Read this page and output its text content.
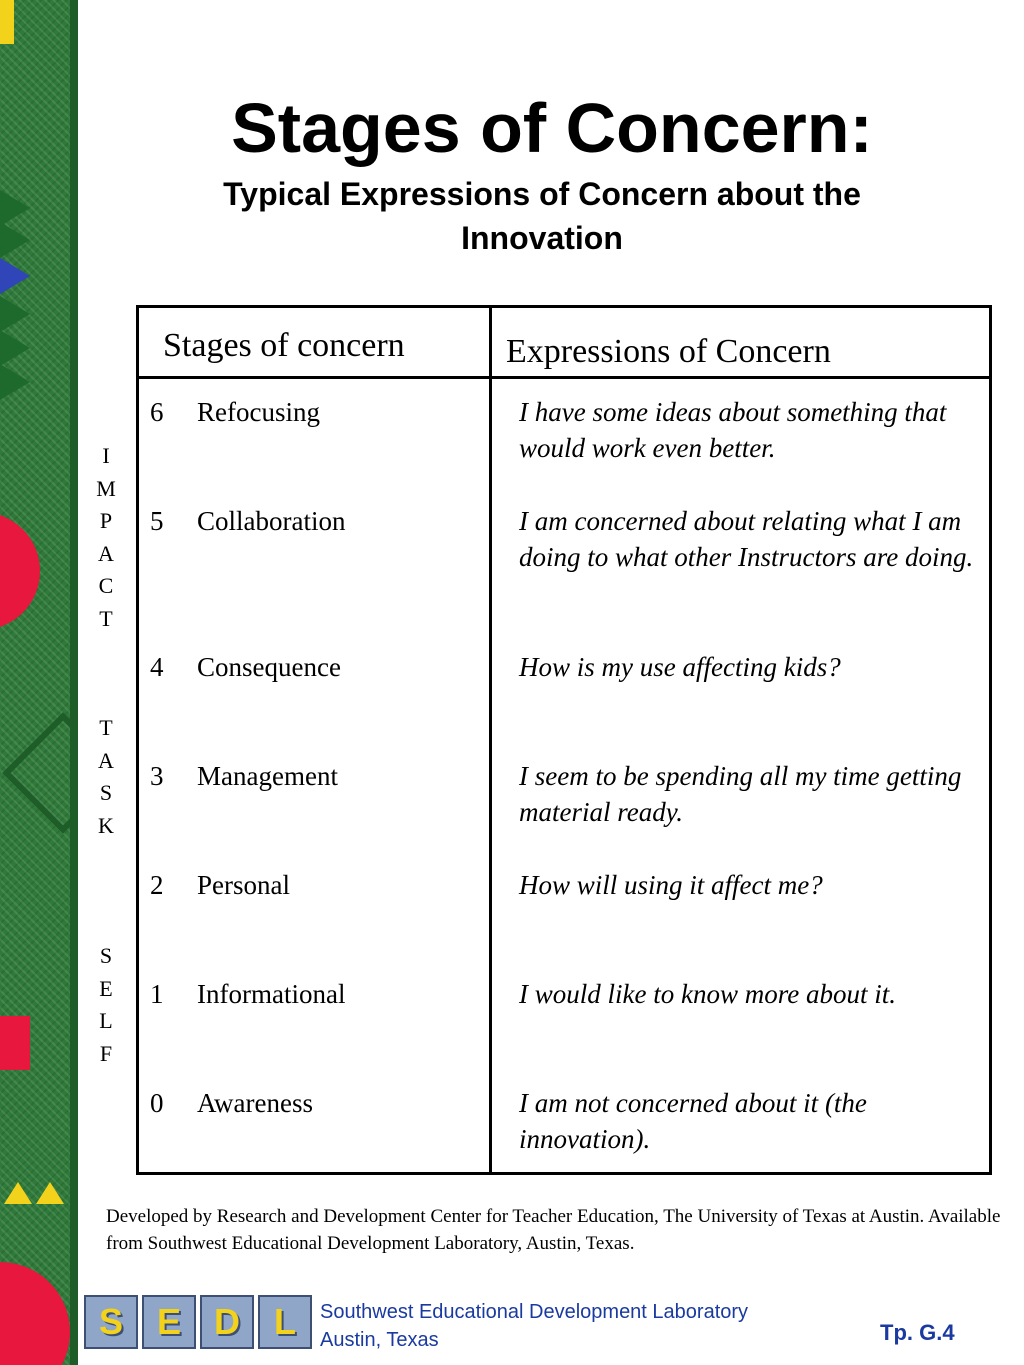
Stages of Concern:
Typical Expressions of Concern about the Innovation
I
M
P
A
C
T
T
A
S
K
S
E
L
F
Stages of concern	Expressions of Concern
6 Refocusing	I have some ideas about something that would work even better.
5 Collaboration	I am concerned about relating what I am doing to what other Instructors are doing.
4 Consequence	How is my use affecting kids?
3 Management	I seem to be spending all my time getting material ready.
2 Personal	How will using it affect me?
1 Informational	I would like to know more about it.
0 Awareness	I am not concerned about it (the innovation).
Developed by Research and Development Center for Teacher Education, The University of Texas at Austin. Available from Southwest Educational Development Laboratory, Austin, Texas.
S E D L	Southwest Educational Development Laboratory
Austin, Texas	Tp. G.4
